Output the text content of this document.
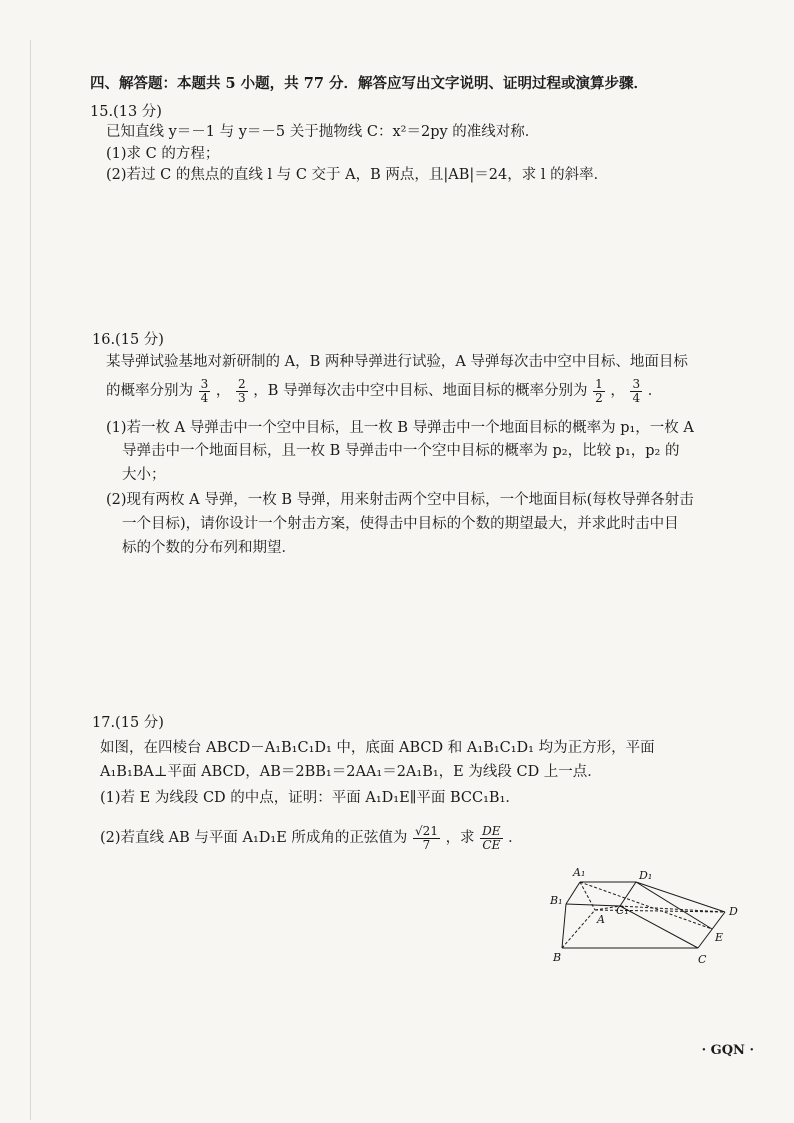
四、解答题：本题共 5 小题，共 77 分．解答应写出文字说明、证明过程或演算步骤．
15.(13 分)
已知直线 y＝－1 与 y＝－5 关于抛物线 C：x²＝2py 的准线对称．
(1)求 C 的方程；
(2)若过 C 的焦点的直线 l 与 C 交于 A，B 两点，且|AB|＝24，求 l 的斜率．
16.(15 分)
某导弹试验基地对新研制的 A，B 两种导弹进行试验，A 导弹每次击中空中目标、地面目标
的概率分别为 $\frac{3}{4}$ ， $\frac{2}{3}$ ，B 导弹每次击中空中目标、地面目标的概率分别为 $\frac{1}{2}$ ， $\frac{3}{4}$ ．
(1)若一枚 A 导弹击中一个空中目标，且一枚 B 导弹击中一个地面目标的概率为 p₁，一枚 A
导弹击中一个地面目标，且一枚 B 导弹击中一个空中目标的概率为 p₂，比较 p₁，p₂ 的
大小；
(2)现有两枚 A 导弹，一枚 B 导弹，用来射击两个空中目标，一个地面目标(每枚导弹各射击
一个目标)，请你设计一个射击方案，使得击中目标的个数的期望最大，并求此时击中目
标的个数的分布列和期望．
17.(15 分)
如图，在四棱台 ABCD－A₁B₁C₁D₁ 中，底面 ABCD 和 A₁B₁C₁D₁ 均为正方形，平面
A₁B₁BA⊥平面 ABCD，AB＝2BB₁＝2AA₁＝2A₁B₁，E 为线段 CD 上一点．
(1)若 E 为线段 CD 的中点，证明：平面 A₁D₁E∥平面 BCC₁B₁．
(2)若直线 AB 与平面 A₁D₁E 所成角的正弦值为 $\frac{√21}{7}$ ，求 $\frac{DE}{CE}$ ．
A₁	D₁
B₁
C₁
A
D
E
B	C
· GQN ·
